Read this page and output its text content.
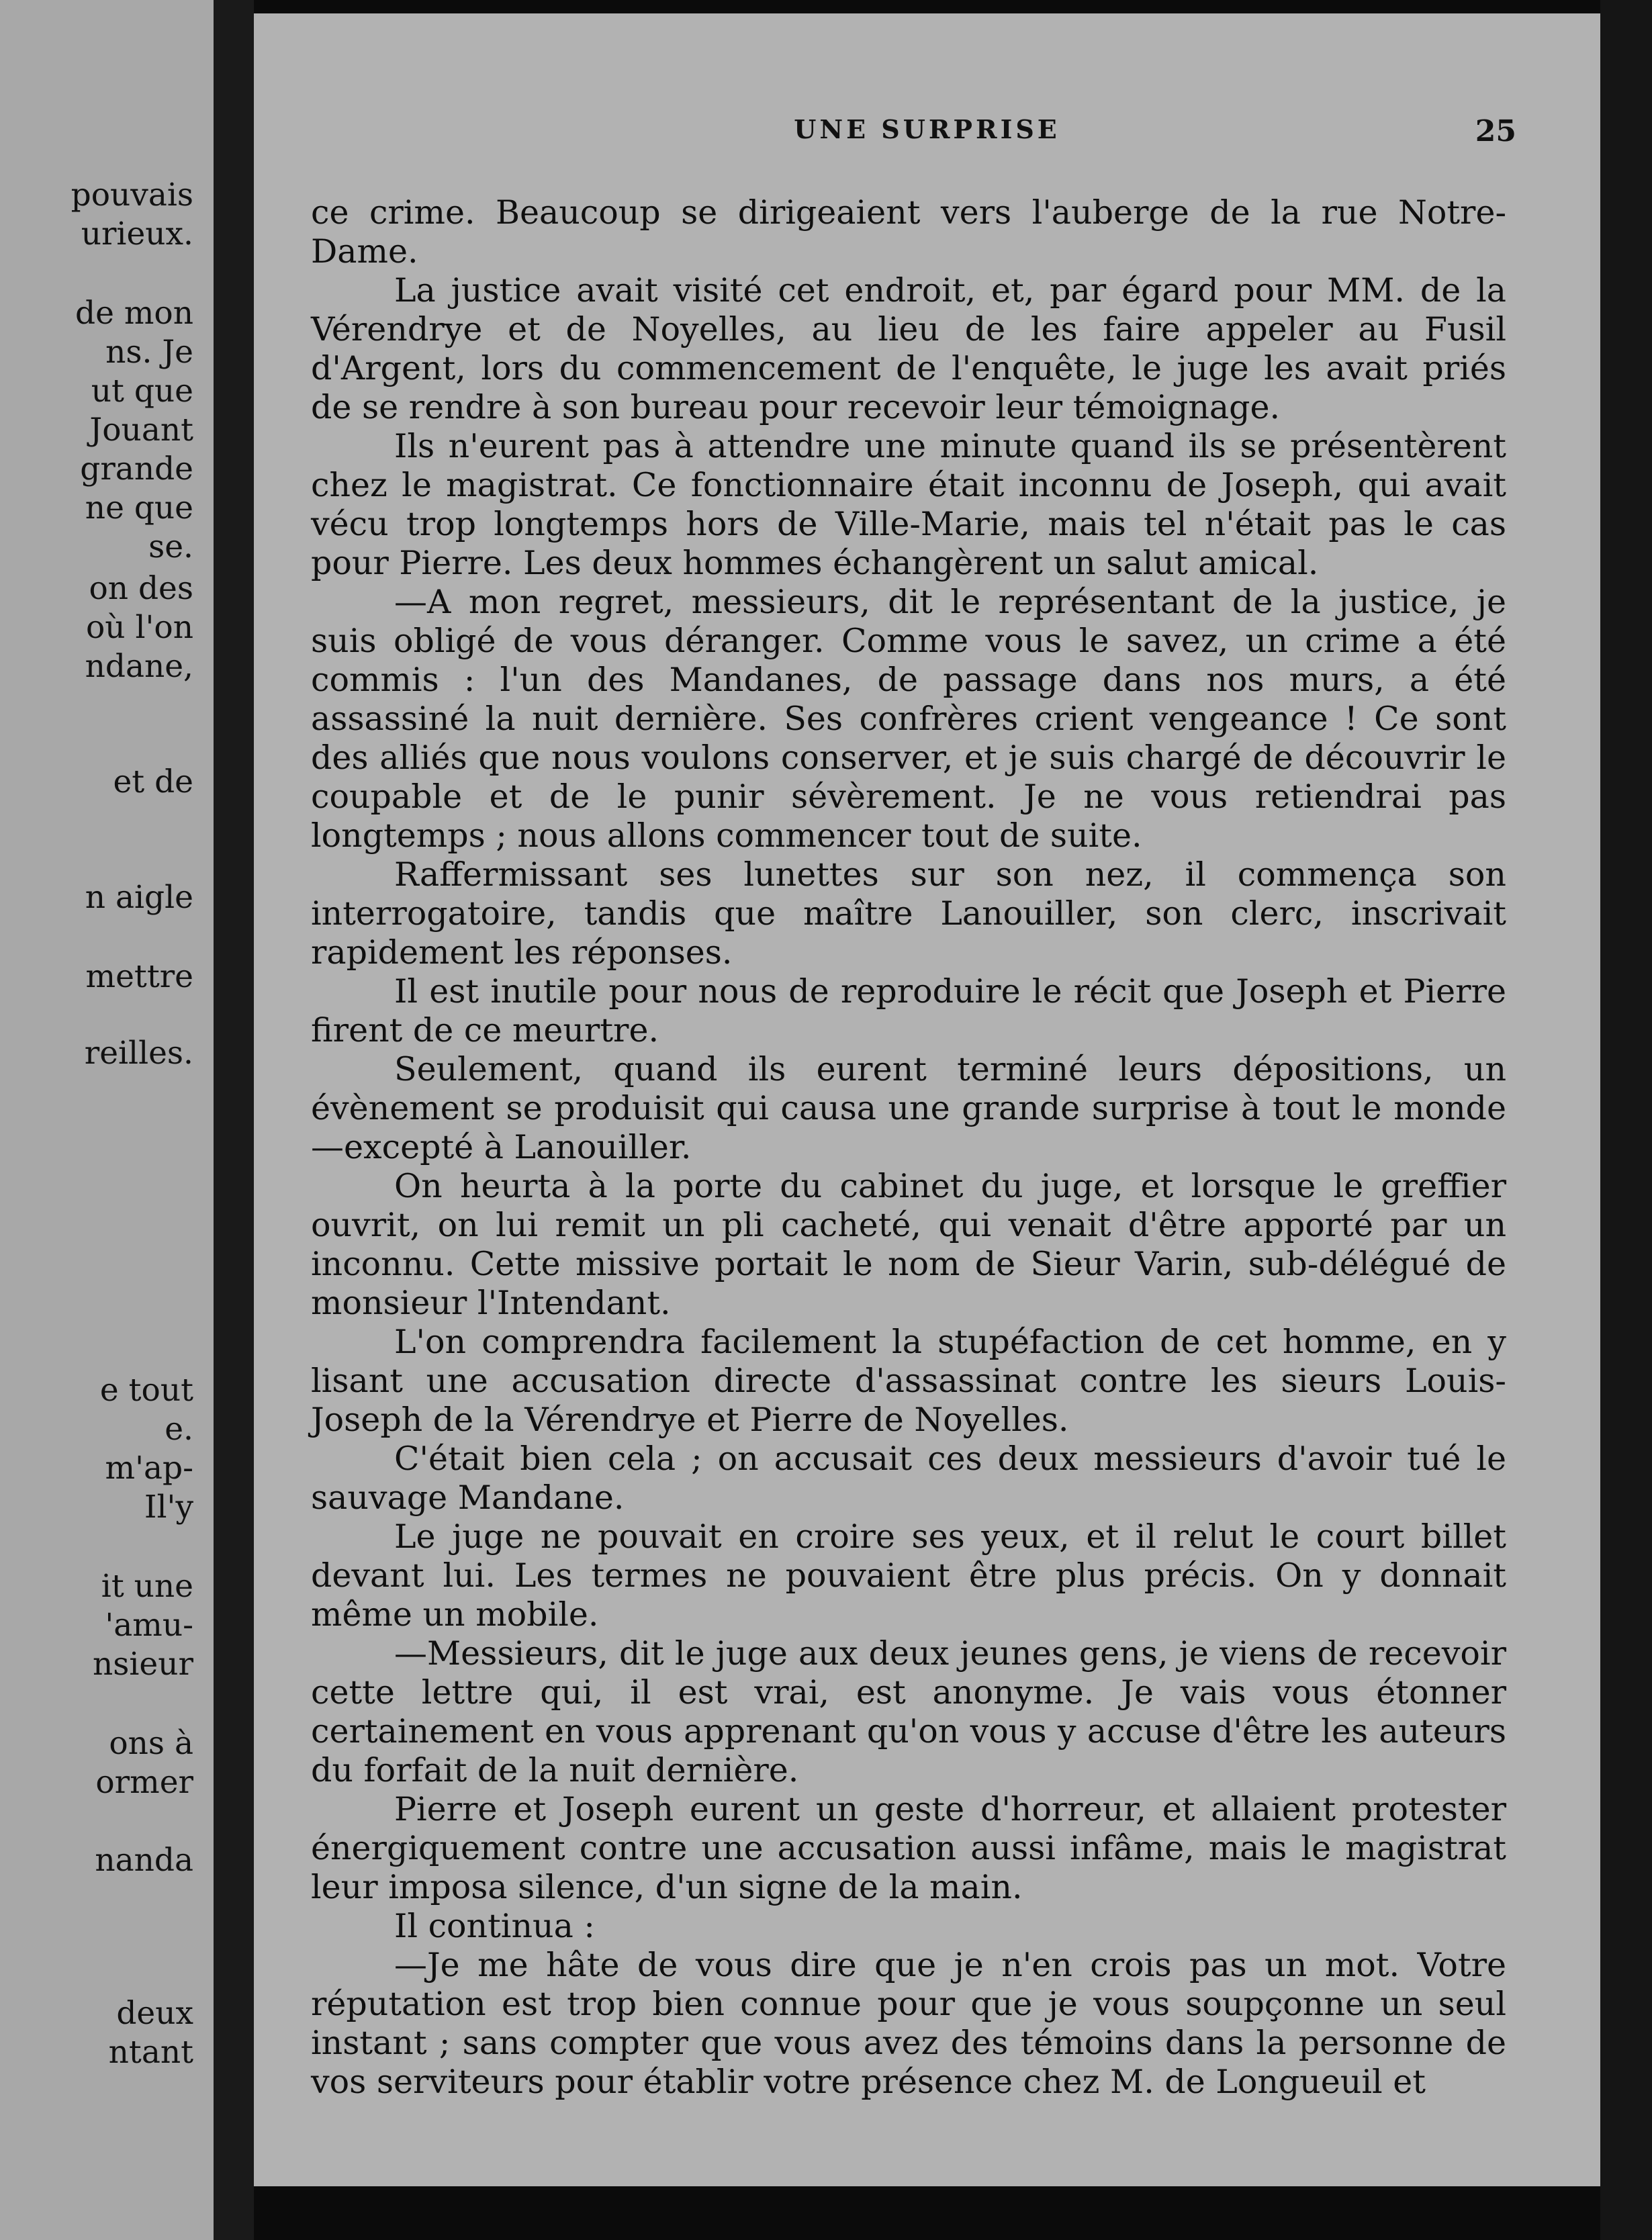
pouvais
urieux.
de mon
ns. Je
ut que
Jouant
grande
ne que
se.
on des
où l'on
ndane,
et de
n aigle
mettre
reilles.
e tout
e.
m'ap-
Il'y
it une
'amu-
nsieur
ons à
ormer
nanda
deux
ntant
UNE SURPRISE	25

ce crime. Beaucoup se dirigeaient vers l'auberge de la rue Notre-Dame.

La justice avait visité cet endroit, et, par égard pour MM. de la Vérendrye et de Noyelles, au lieu de les faire appeler au Fusil d'Argent, lors du commencement de l'enquête, le juge les avait priés de se rendre à son bureau pour recevoir leur témoignage.

Ils n'eurent pas à attendre une minute quand ils se présentèrent chez le magistrat. Ce fonctionnaire était inconnu de Joseph, qui avait vécu trop longtemps hors de Ville-Marie, mais tel n'était pas le cas pour Pierre. Les deux hommes échangèrent un salut amical.

—A mon regret, messieurs, dit le représentant de la justice, je suis obligé de vous déranger. Comme vous le savez, un crime a été commis : l'un des Mandanes, de passage dans nos murs, a été assassiné la nuit dernière. Ses confrères crient vengeance ! Ce sont des alliés que nous voulons conserver, et je suis chargé de découvrir le coupable et de le punir sévèrement. Je ne vous retiendrai pas longtemps ; nous allons commencer tout de suite.

Raffermissant ses lunettes sur son nez, il commença son interrogatoire, tandis que maître Lanouiller, son clerc, inscrivait rapidement les réponses.

Il est inutile pour nous de reproduire le récit que Joseph et Pierre firent de ce meurtre.

Seulement, quand ils eurent terminé leurs dépositions, un évènement se produisit qui causa une grande surprise à tout le monde—excepté à Lanouiller.

On heurta à la porte du cabinet du juge, et lorsque le greffier ouvrit, on lui remit un pli cacheté, qui venait d'être apporté par un inconnu. Cette missive portait le nom de Sieur Varin, sub-délégué de monsieur l'Intendant.

L'on comprendra facilement la stupéfaction de cet homme, en y lisant une accusation directe d'assassinat contre les sieurs Louis-Joseph de la Vérendrye et Pierre de Noyelles.

C'était bien cela ; on accusait ces deux messieurs d'avoir tué le sauvage Mandane.

Le juge ne pouvait en croire ses yeux, et il relut le court billet devant lui. Les termes ne pouvaient être plus précis. On y donnait même un mobile.

—Messieurs, dit le juge aux deux jeunes gens, je viens de recevoir cette lettre qui, il est vrai, est anonyme. Je vais vous étonner certainement en vous apprenant qu'on vous y accuse d'être les auteurs du forfait de la nuit dernière.

Pierre et Joseph eurent un geste d'horreur, et allaient protester énergiquement contre une accusation aussi infâme, mais le magistrat leur imposa silence, d'un signe de la main.

Il continua :

—Je me hâte de vous dire que je n'en crois pas un mot. Votre réputation est trop bien connue pour que je vous soupçonne un seul instant ; sans compter que vous avez des témoins dans la personne de vos serviteurs pour établir votre présence chez M. de Longueuil et
